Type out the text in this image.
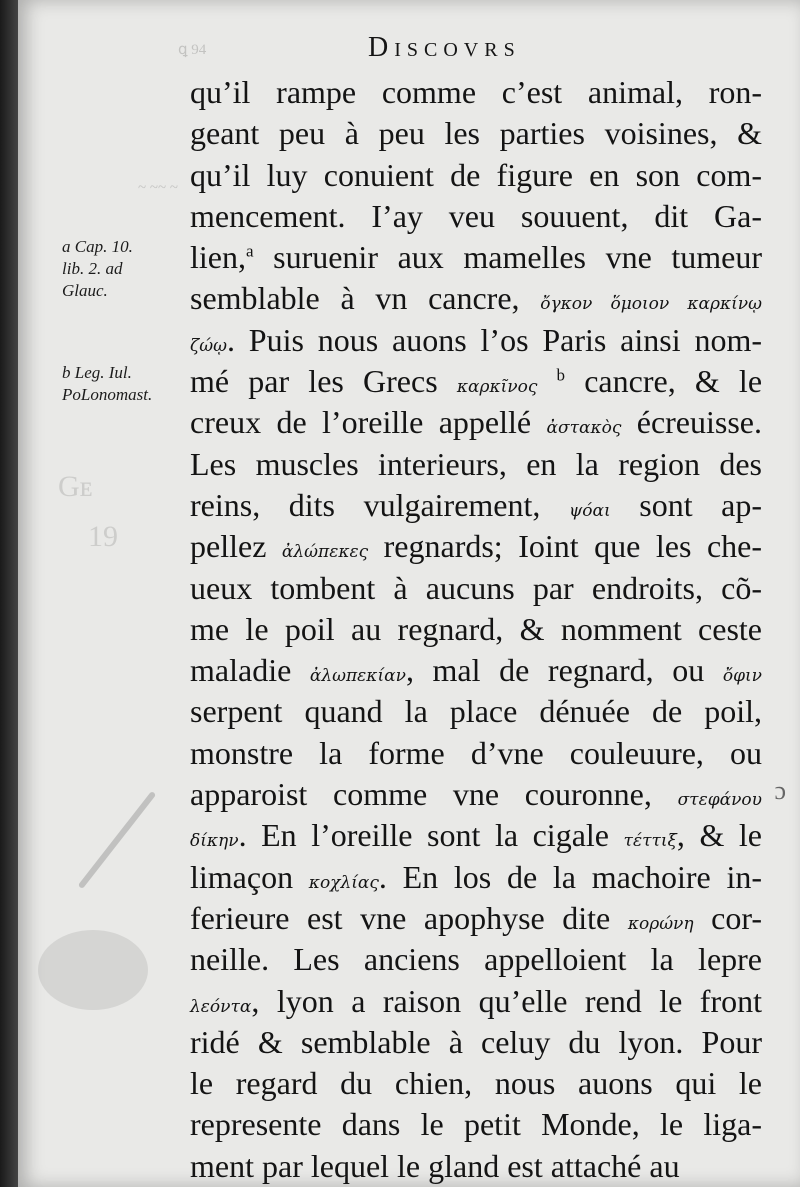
ꝗ 94
~ ~~ ~
Gᴇ
19
ɔ
Discovrs
a Cap. 10.
lib. 2. ad
Glauc.
b Leg. Iul.
PoLonomast.
qu’il rampe comme c’est animal, ron-
geant peu à peu les parties voisines, &
qu’il luy conuient de figure en son com-
mencement. I’ay veu souuent, dit Ga-
lien,$^a$ suruenir aux mamelles vne tumeur
semblable à vn cancre, ὄγκον ὅμοιον καρκίνῳ
ζώῳ. Puis nous auons l’os Paris ainsi nom-
mé par les Grecs καρκῖνος $^b$ cancre, & le
creux de l’oreille appellé ἀστακὸς écreuisse.
Les muscles interieurs, en la region des
reins, dits vulgairement, ψόαι sont ap-
pellez ἀλώπεκες regnards; Ioint que les che-
ueux tombent à aucuns par endroits, cõ-
me le poil au regnard, & nomment ceste
maladie ἀλωπεκίαν, mal de regnard, ou ὄφιν
serpent quand la place dénuée de poil,
monstre la forme d’vne couleuure, ou
apparoist comme vne couronne, στεφάνου
δίκην. En l’oreille sont la cigale τέττιξ, & le
limaçon κοχλίας. En los de la machoire in-
ferieure est vne apophyse dite κορώνη cor-
neille. Les anciens appelloient la lepre
λεόντα, lyon a raison qu’elle rend le front
ridé & semblable à celuy du lyon. Pour
le regard du chien, nous auons qui le
represente dans le petit Monde, le liga-
ment par lequel le gland est attaché au
